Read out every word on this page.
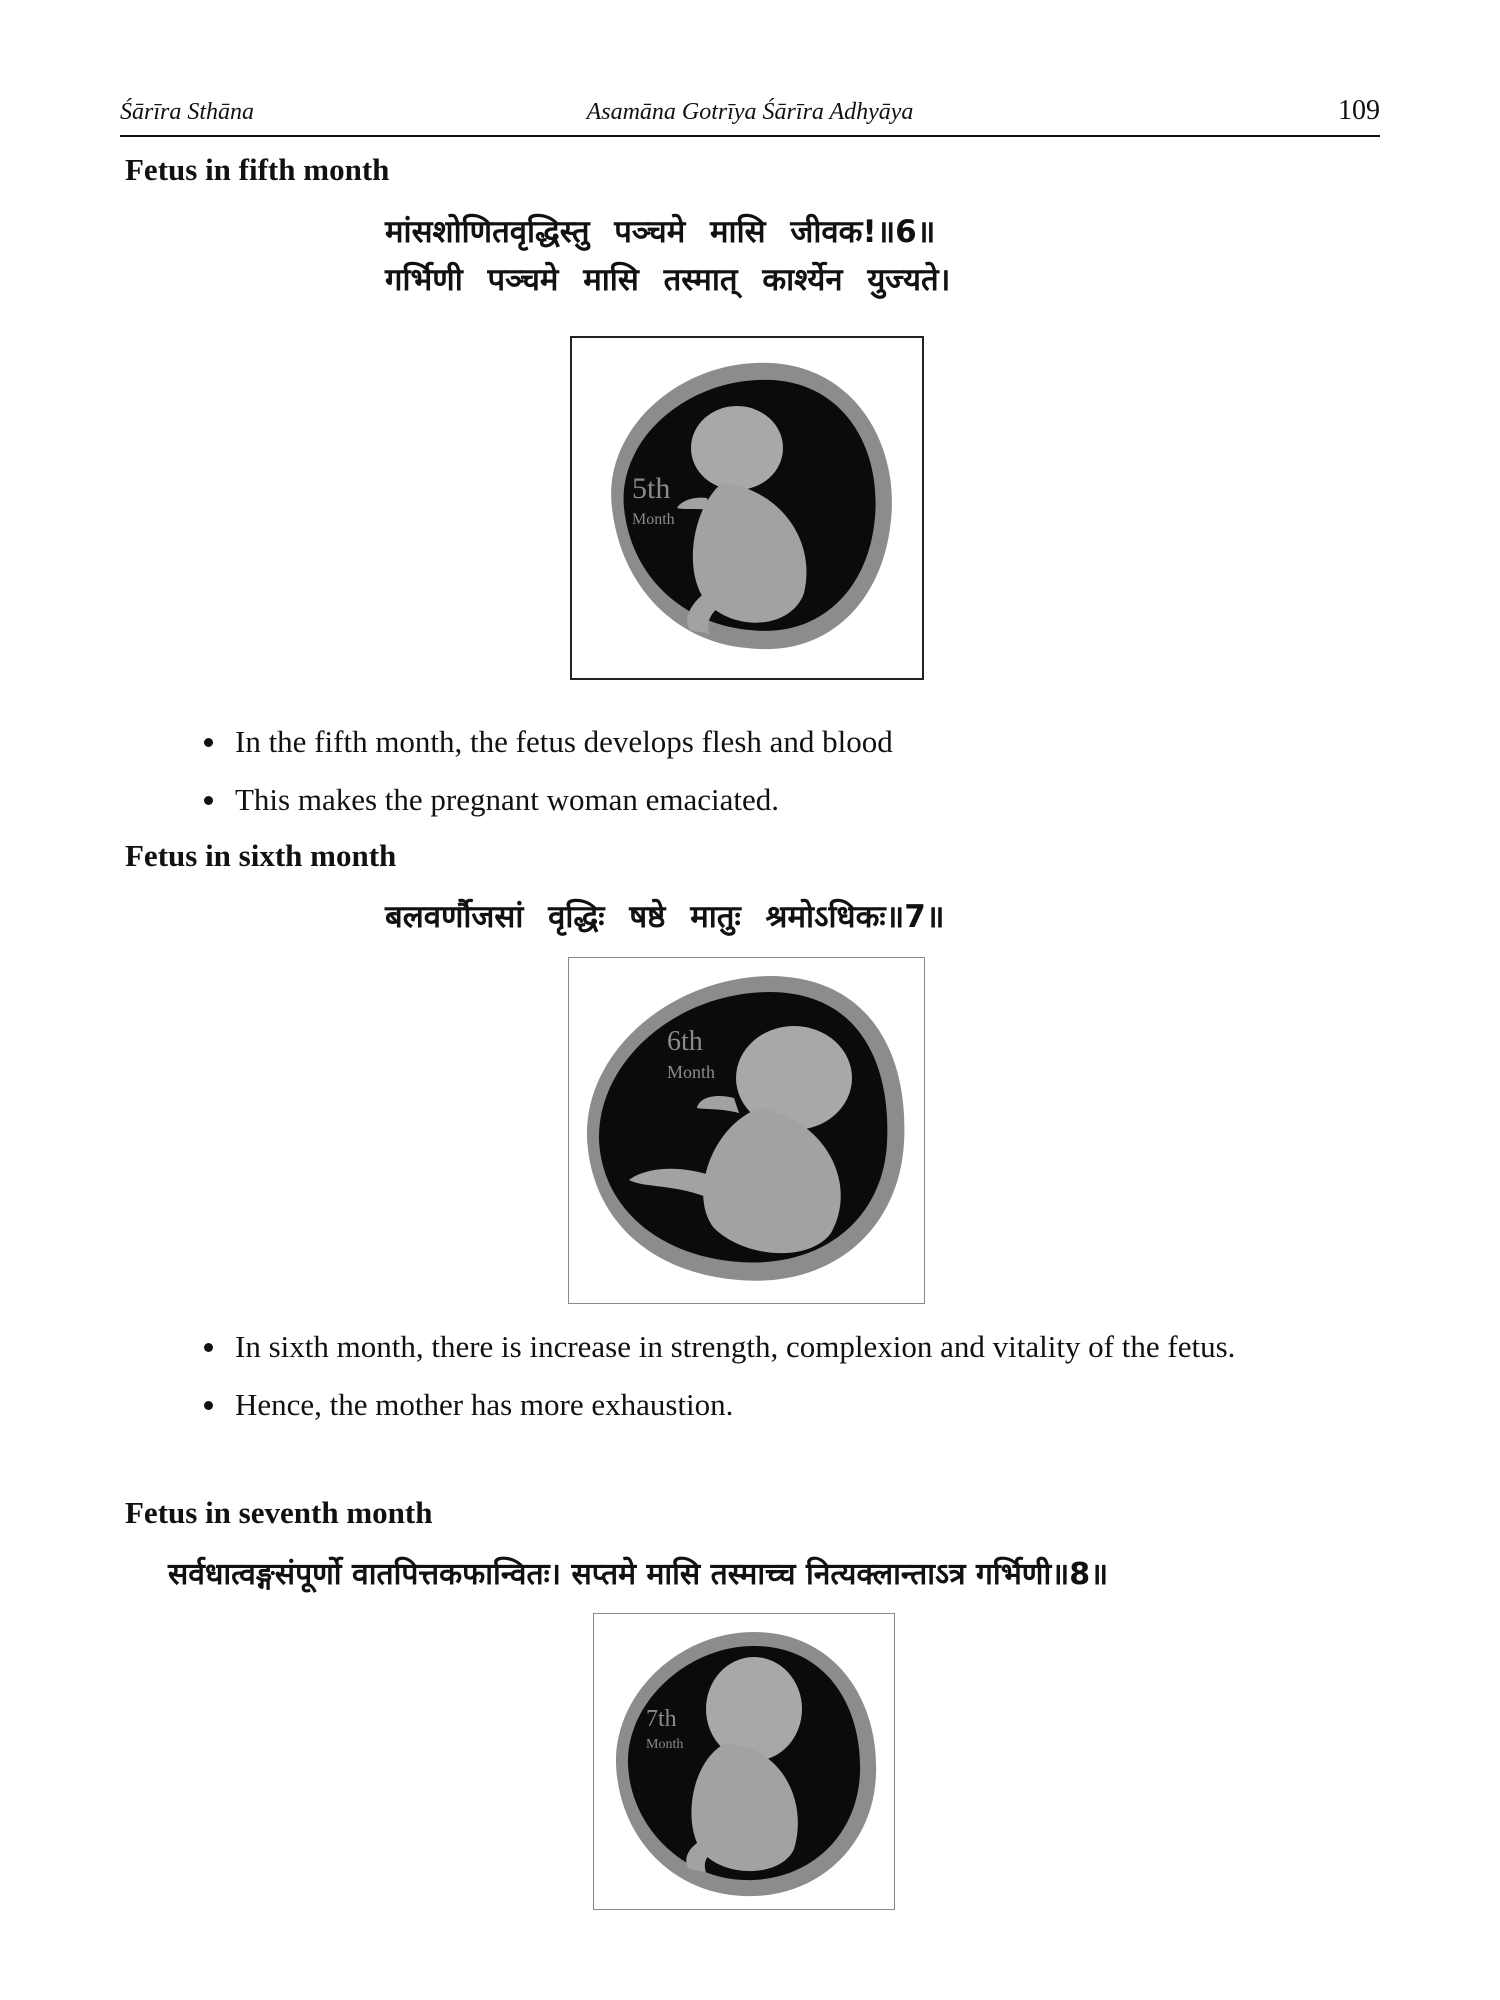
Śārīra Sthāna	Asamāna Gotrīya Śārīra Adhyāya	109
Fetus in fifth month
मांसशोणितवृद्धिस्तु पञ्चमे मासि जीवक!॥6॥
गर्भिणी पञ्चमे मासि तस्मात् कार्श्येन युज्यते।
5th
Month
In the fifth month, the fetus develops flesh and blood
This makes the pregnant woman emaciated.
Fetus in sixth month
बलवर्णौजसां वृद्धिः षष्ठे मातुः श्रमोऽधिकः॥7॥
6th
Month
In sixth month, there is increase in strength, complexion and vitality of the fetus.
Hence, the mother has more exhaustion.
Fetus in seventh month
सर्वधात्वङ्गसंपूर्णो वातपित्तकफान्वितः। सप्तमे मासि तस्माच्च नित्यक्लान्ताऽत्र गर्भिणी॥8॥
7th
Month
